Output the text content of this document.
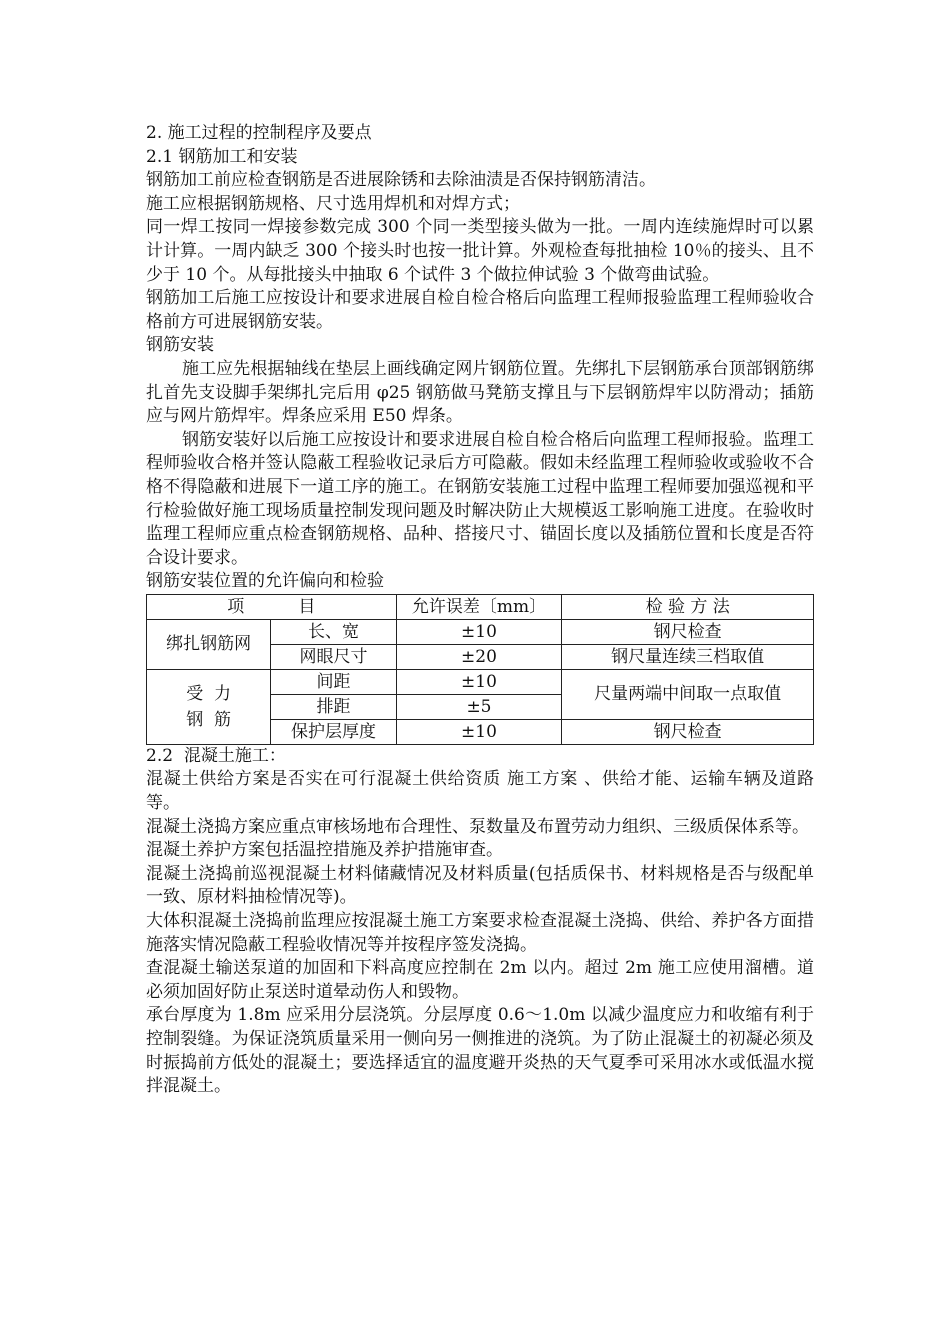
2. 施工过程的控制程序及要点

2.1 钢筋加工和安装

钢筋加工前应检查钢筋是否进展除锈和去除油渍是否保持钢筋清洁。

施工应根据钢筋规格、尺寸选用焊机和对焊方式；

同一焊工按同一焊接参数完成 300 个同一类型接头做为一批。一周内连续施焊时可以累计计算。一周内缺乏 300 个接头时也按一批计算。外观检查每批抽检 10％的接头、且不少于 10 个。从每批接头中抽取 6 个试件 3 个做拉伸试验 3 个做弯曲试验。

钢筋加工后施工应按设计和要求进展自检自检合格后向监理工程师报验监理工程师验收合格前方可进展钢筋安装。

钢筋安装

施工应先根据轴线在垫层上画线确定网片钢筋位置。先绑扎下层钢筋承台顶部钢筋绑扎首先支设脚手架绑扎完后用 φ25 钢筋做马凳筋支撑且与下层钢筋焊牢以防滑动；插筋应与网片筋焊牢。焊条应采用 E50 焊条。

钢筋安装好以后施工应按设计和要求进展自检自检合格后向监理工程师报验。监理工程师验收合格并签认隐蔽工程验收记录后方可隐蔽。假如未经监理工程师验收或验收不合格不得隐蔽和进展下一道工序的施工。在钢筋安装施工过程中监理工程师要加强巡视和平行检验做好施工现场质量控制发现问题及时解决防止大规模返工影响施工进度。在验收时监理工程师应重点检查钢筋规格、品种、搭接尺寸、锚固长度以及插筋位置和长度是否符合设计要求。

钢筋安装位置的允许偏向和检验

项          目		允许误差〔mm〕	检 验 方 法
绑扎钢筋网	长、宽	±10	钢尺检查
	网眼尺寸	±20	钢尺量连续三档取值

受  力
钢  筋	间距	±10	尺量两端中间取一点取值
	排距	±5	
	保护层厚度	±10	钢尺检查

2.2  混凝土施工：

混凝土供给方案是否实在可行混凝土供给资质 施工方案 、供给才能、运输车辆及道路等。

混凝土浇捣方案应重点审核场地布合理性、泵数量及布置劳动力组织、三级质保体系等。

混凝土养护方案包括温控措施及养护措施审查。

混凝土浇捣前巡视混凝土材料储藏情况及材料质量(包括质保书、材料规格是否与级配单一致、原材料抽检情况等)。

大体积混凝土浇捣前监理应按混凝土施工方案要求检查混凝土浇捣、供给、养护各方面措施落实情况隐蔽工程验收情况等并按程序签发浇捣。

查混凝土输送泵道的加固和下料高度应控制在 2m 以内。超过 2m 施工应使用溜槽。道必须加固好防止泵送时道晕动伤人和毁物。

承台厚度为 1.8m 应采用分层浇筑。分层厚度 0.6～1.0m 以减少温度应力和收缩有利于控制裂缝。为保证浇筑质量采用一侧向另一侧推进的浇筑。为了防止混凝土的初凝必须及时振捣前方低处的混凝土；要选择适宜的温度避开炎热的天气夏季可采用冰水或低温水搅拌混凝土。
